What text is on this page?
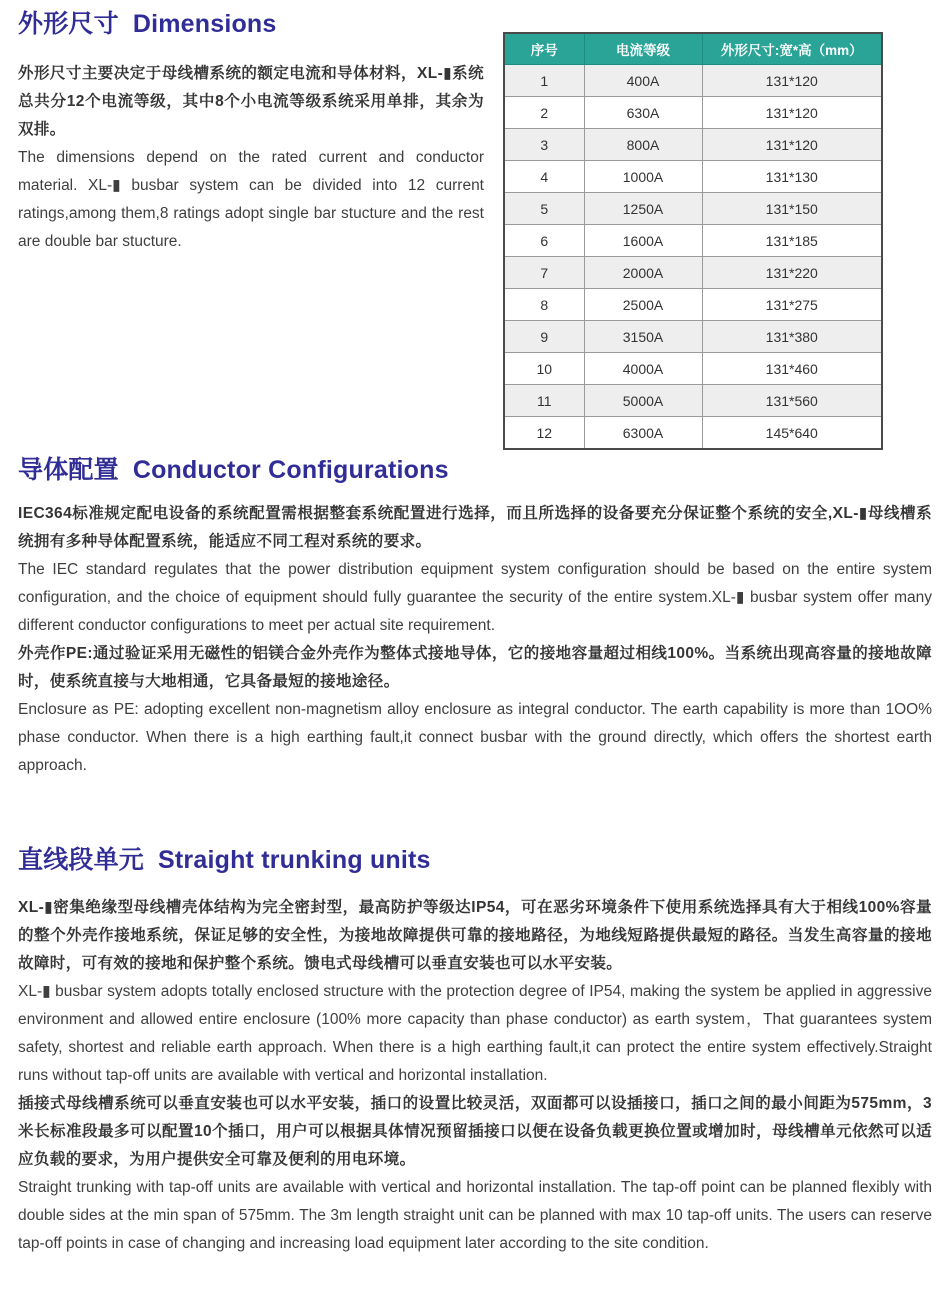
外形尺寸 Dimensions

外形尺寸主要决定于母线槽系统的额定电流和导体材料，XL-▮系统总共分12个电流等级，其中8个小电流等级系统采用单排，其余为双排。

The dimensions depend on the rated current and conductor material. XL-▮ busbar system can be divided into 12 current ratings,among them,8 ratings adopt single bar stucture and the rest are double bar stucture.

序号	电流等级	外形尺寸:宽*高（mm）
1	400A	131*120
2	630A	131*120
3	800A	131*120
4	1000A	131*130
5	1250A	131*150
6	1600A	131*185
7	2000A	131*220
8	2500A	131*275
9	3150A	131*380
10	4000A	131*460
11	5000A	131*560
12	6300A	145*640
导体配置 Conductor Configurations

IEC364标准规定配电设备的系统配置需根据整套系统配置进行选择，而且所选择的设备要充分保证整个系统的安全,XL-▮母线槽系统拥有多种导体配置系统，能适应不同工程对系统的要求。

The IEC standard regulates that the power distribution equipment system configuration should be based on the entire system configuration, and the choice of equipment should fully guarantee the security of the entire system.XL-▮ busbar system offer many different conductor configurations to meet per actual site requirement.

外壳作PE:通过验证采用无磁性的铝镁合金外壳作为整体式接地导体，它的接地容量超过相线100%。当系统出现高容量的接地故障时，使系统直接与大地相通，它具备最短的接地途径。

Enclosure as PE: adopting excellent non-magnetism alloy enclosure as integral conductor. The earth capability is more than 1OO% phase conductor. When there is a high earthing fault,it connect busbar with the ground directly, which offers the shortest earth approach.

直线段单元 Straight trunking units

XL-▮密集绝缘型母线槽壳体结构为完全密封型，最高防护等级达IP54，可在恶劣环境条件下使用系统选择具有大于相线100%容量的整个外壳作接地系统，保证足够的安全性，为接地故障提供可靠的接地路径，为地线短路提供最短的路径。当发生高容量的接地故障时，可有效的接地和保护整个系统。馈电式母线槽可以垂直安装也可以水平安装。

XL-▮ busbar system adopts totally enclosed structure with the protection degree of IP54, making the system be applied in aggressive environment and allowed entire enclosure (100% more capacity than phase conductor) as earth system，That guarantees system safety, shortest and reliable earth approach. When there is a high earthing fault,it can protect the entire system effectively.Straight runs without tap-off units are available with vertical and horizontal installation.

插接式母线槽系统可以垂直安装也可以水平安装，插口的设置比较灵活，双面都可以设插接口，插口之间的最小间距为575mm，3米长标准段最多可以配置10个插口，用户可以根据具体情况预留插接口以便在设备负载更换位置或增加时，母线槽单元依然可以适应负载的要求，为用户提供安全可靠及便利的用电环境。

Straight trunking with tap-off units are available with vertical and horizontal installation. The tap-off point can be planned flexibly with double sides at the min span of 575mm. The 3m length straight unit can be planned with max 10 tap-off units. The users can reserve tap-off points in case of changing and increasing load equipment later according to the site condition.
